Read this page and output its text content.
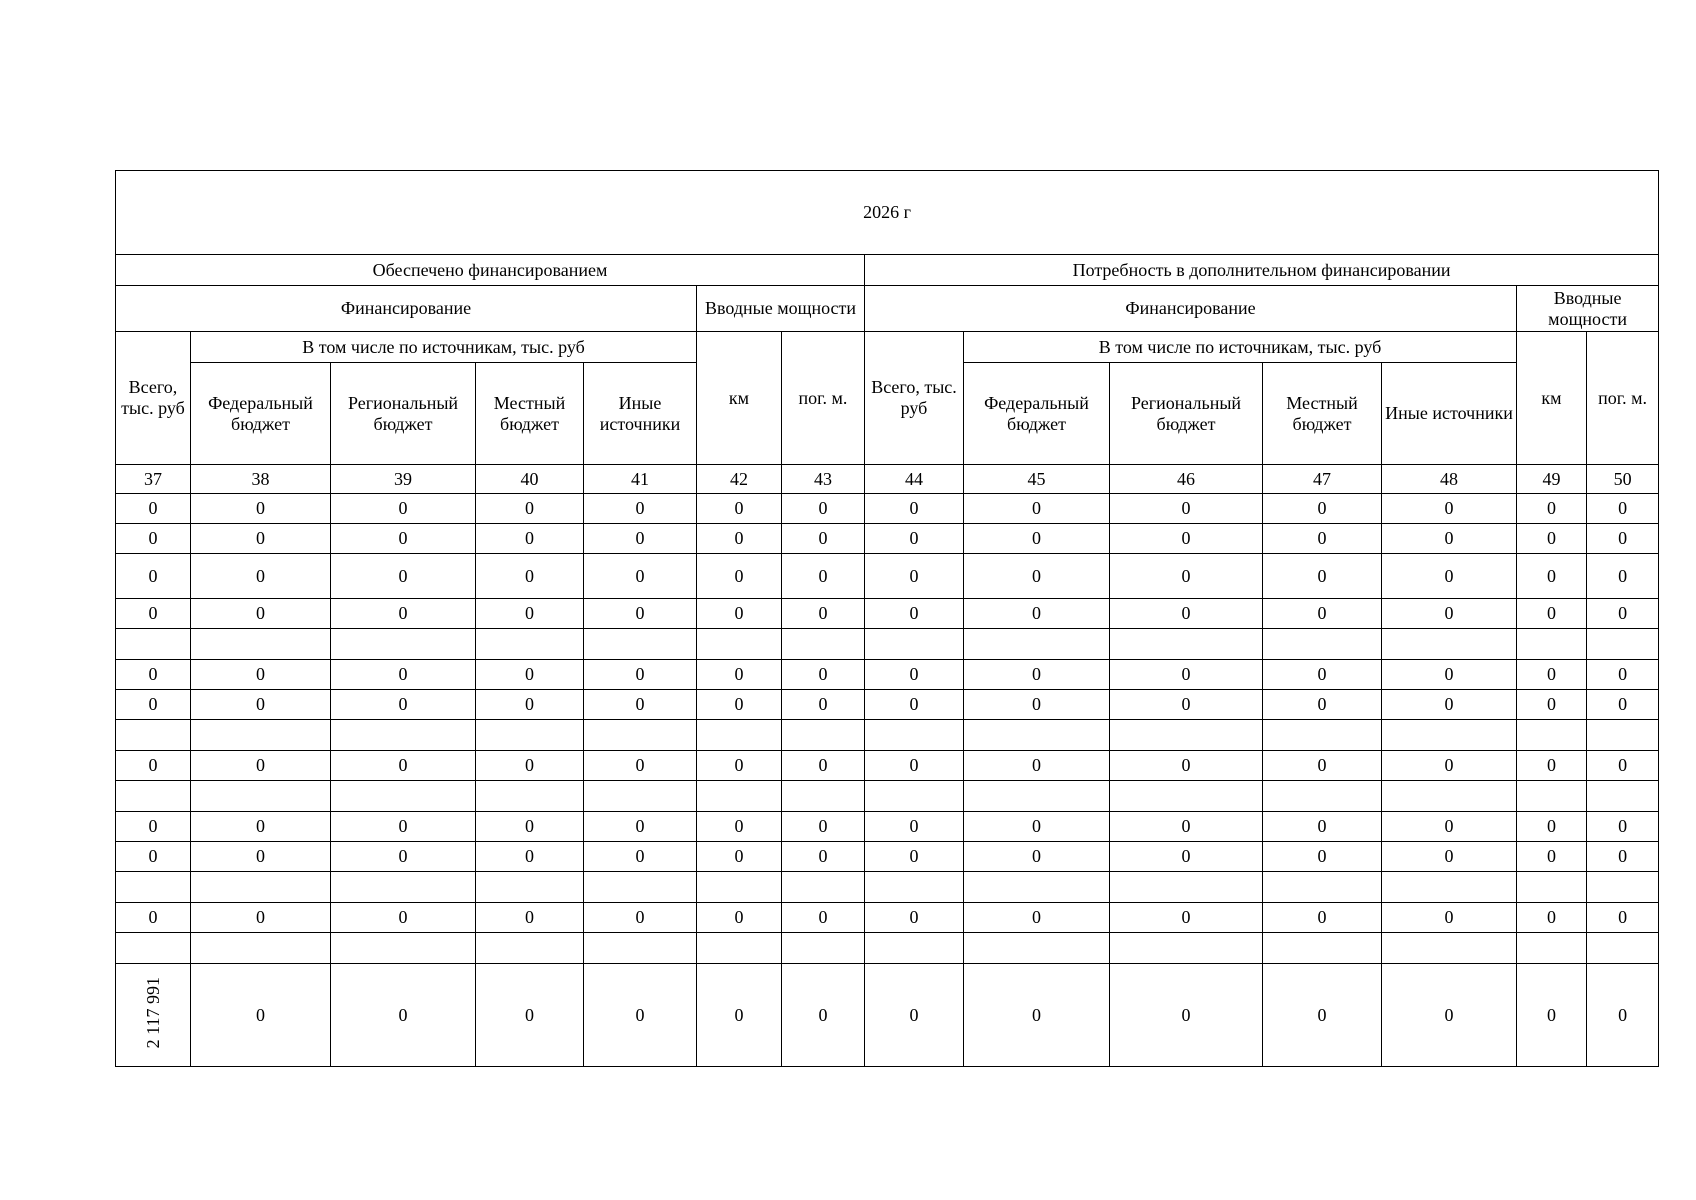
2026 г													
Обеспечено финансированием							Потребность в дополнительном финансировании						
Финансирование					Вводные мощности		Финансирование					Вводные мощности	
Всего, тыс. руб	В том числе по источникам, тыс. руб				км	пог. м.	Всего, тыс. руб	В том числе по источникам, тыс. руб				км	пог. м.
	Федеральный бюджет	Региональный бюджет	Местный бюджет	Иные источники				Федеральный бюджет	Региональный бюджет	Местный бюджет	Иные источники		
37	38	39	40	41	42	43	44	45	46	47	48	49	50
0	0	0	0	0	0	0	0	0	0	0	0	0	0
0	0	0	0	0	0	0	0	0	0	0	0	0	0
0	0	0	0	0	0	0	0	0	0	0	0	0	0
0	0	0	0	0	0	0	0	0	0	0	0	0	0

0	0	0	0	0	0	0	0	0	0	0	0	0	0
0	0	0	0	0	0	0	0	0	0	0	0	0	0

0	0	0	0	0	0	0	0	0	0	0	0	0	0

0	0	0	0	0	0	0	0	0	0	0	0	0	0
0	0	0	0	0	0	0	0	0	0	0	0	0	0

0	0	0	0	0	0	0	0	0	0	0	0	0	0

2 117 991	0	0	0	0	0	0	0	0	0	0	0	0	0
